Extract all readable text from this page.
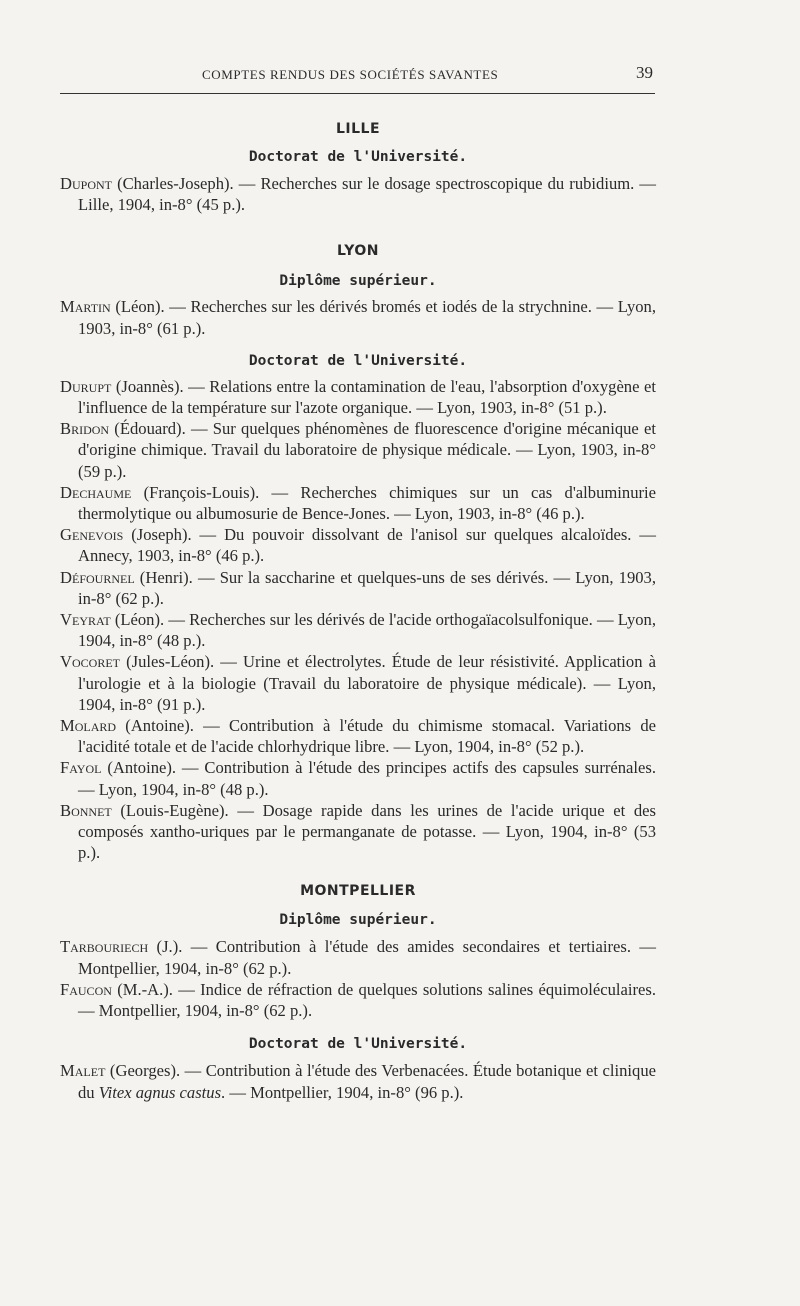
COMPTES RENDUS DES SOCIÉTÉS SAVANTES	39

LILLE

Doctorat de l'Université.

Dupont (Charles-Joseph). — Recherches sur le dosage spectroscopique du rubidium. — Lille, 1904, in-8° (45 p.).

LYON

Diplôme supérieur.

Martin (Léon). — Recherches sur les dérivés bromés et iodés de la strychnine. — Lyon, 1903, in-8° (61 p.).

Doctorat de l'Université.

Durupt (Joannès). — Relations entre la contamination de l'eau, l'absorption d'oxygène et l'influence de la température sur l'azote organique. — Lyon, 1903, in-8° (51 p.).

Bridon (Édouard). — Sur quelques phénomènes de fluorescence d'origine mécanique et d'origine chimique. Travail du laboratoire de physique médicale. — Lyon, 1903, in-8° (59 p.).

Dechaume (François-Louis). — Recherches chimiques sur un cas d'albuminurie thermolytique ou albumosurie de Bence-Jones. — Lyon, 1903, in-8° (46 p.).

Genevois (Joseph). — Du pouvoir dissolvant de l'anisol sur quelques alcaloïdes. — Annecy, 1903, in-8° (46 p.).

Défournel (Henri). — Sur la saccharine et quelques-uns de ses dérivés. — Lyon, 1903, in-8° (62 p.).

Veyrat (Léon). — Recherches sur les dérivés de l'acide orthogaïacolsulfonique. — Lyon, 1904, in-8° (48 p.).

Vocoret (Jules-Léon). — Urine et électrolytes. Étude de leur résistivité. Application à l'urologie et à la biologie (Travail du laboratoire de physique médicale). — Lyon, 1904, in-8° (91 p.).

Molard (Antoine). — Contribution à l'étude du chimisme stomacal. Variations de l'acidité totale et de l'acide chlorhydrique libre. — Lyon, 1904, in-8° (52 p.).

Fayol (Antoine). — Contribution à l'étude des principes actifs des capsules surrénales. — Lyon, 1904, in-8° (48 p.).

Bonnet (Louis-Eugène). — Dosage rapide dans les urines de l'acide urique et des composés xantho-uriques par le permanganate de potasse. — Lyon, 1904, in-8° (53 p.).

MONTPELLIER

Diplôme supérieur.

Tarbouriech (J.). — Contribution à l'étude des amides secondaires et tertiaires. — Montpellier, 1904, in-8° (62 p.).

Faucon (M.-A.). — Indice de réfraction de quelques solutions salines équimoléculaires. — Montpellier, 1904, in-8° (62 p.).

Doctorat de l'Université.

Malet (Georges). — Contribution à l'étude des Verbenacées. Étude botanique et clinique du Vitex agnus castus. — Montpellier, 1904, in-8° (96 p.).
